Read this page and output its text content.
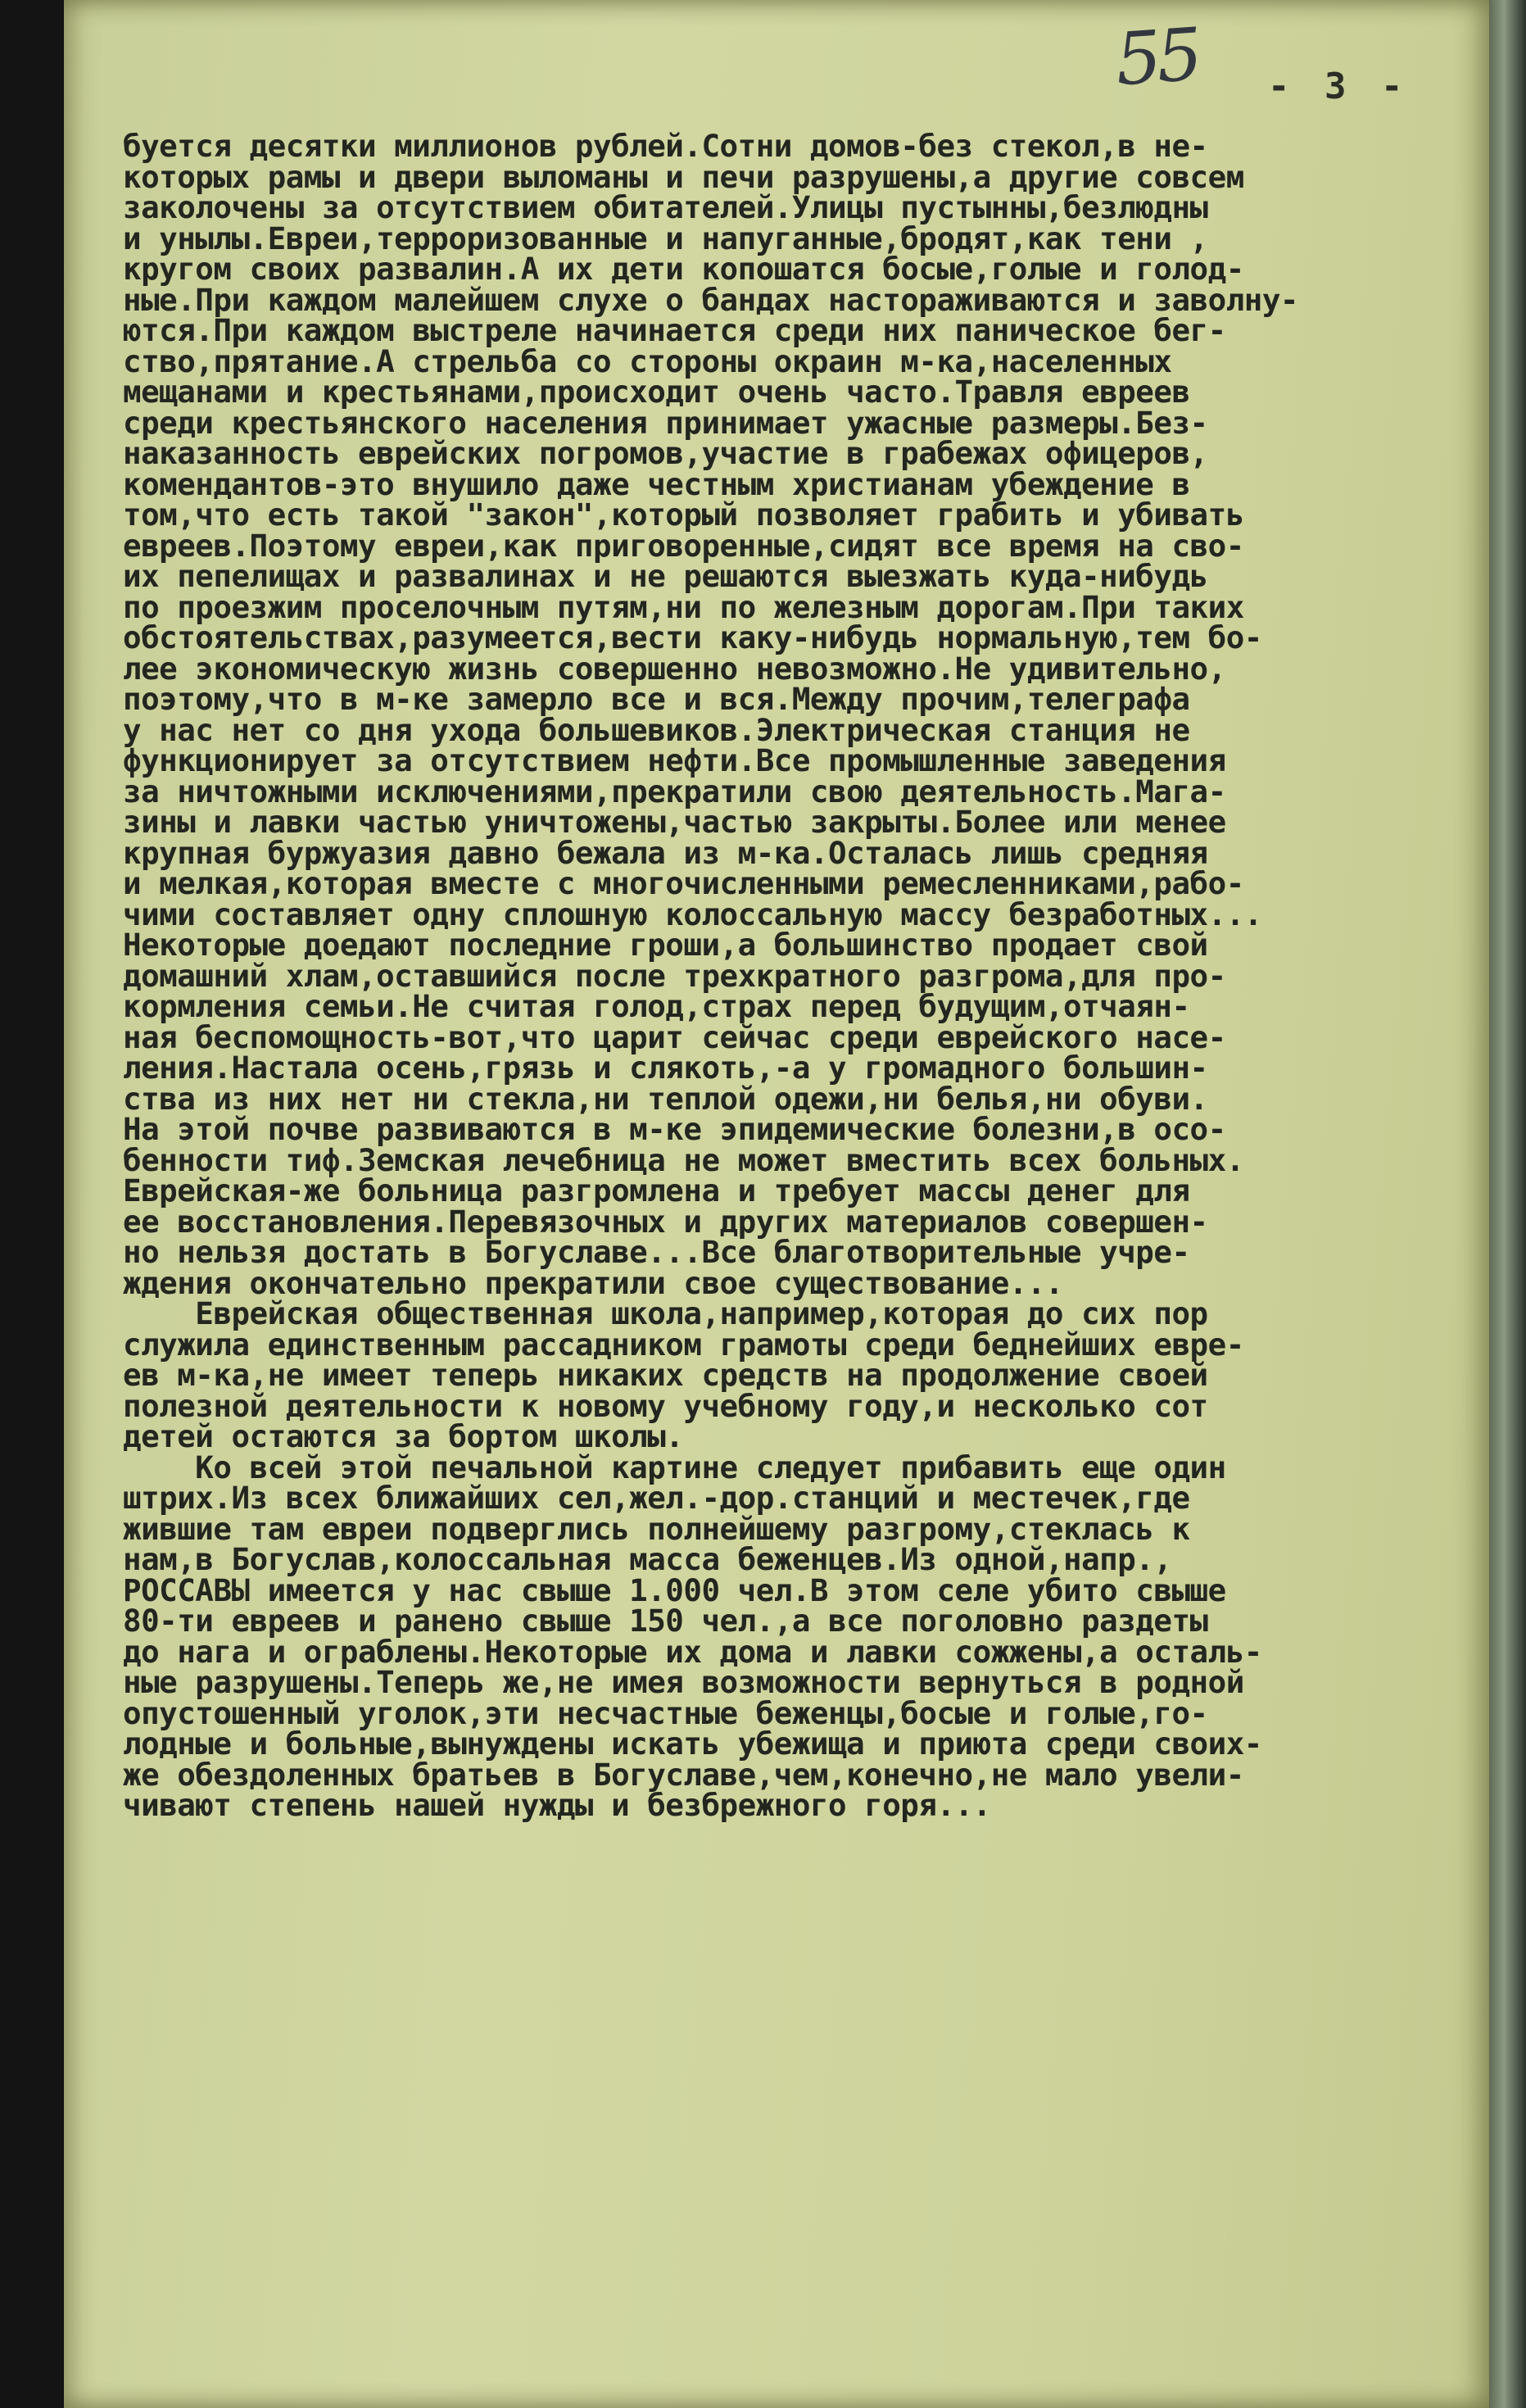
55 - 3 -
буется десятки миллионов рублей.Сотни домов-без стекол,в не-
которых рамы и двери выломаны и печи разрушены,а другие совсем
заколочены за отсутствием обитателей.Улицы пустынны,безлюдны
и унылы.Евреи,терроризованные и напуганные,бродят,как тени ,
кругом своих развалин.А их дети копошатся босые,голые и голод-
ные.При каждом малейшем слухе о бандах настораживаются и заволну-
ются.При каждом выстреле начинается среди них паническое бег-
ство,прятание.А стрельба со стороны окраин м-ка,населенных
мещанами и крестьянами,происходит очень часто.Травля евреев
среди крестьянского населения принимает ужасные размеры.Без-
наказанность еврейских погромов,участие в грабежах офицеров,
комендантов-это внушило даже честным христианам убеждение в
том,что есть такой "закон",который позволяет грабить и убивать
евреев.Поэтому евреи,как приговоренные,сидят все время на сво-
их пепелищах и развалинах и не решаются выезжать куда-нибудь
по проезжим проселочным путям,ни по железным дорогам.При таких
обстоятельствах,разумеется,вести каку-нибудь нормальную,тем бо-
лее экономическую жизнь совершенно невозможно.Не удивительно,
поэтому,что в м-ке замерло все и вся.Между прочим,телеграфа
у нас нет со дня ухода большевиков.Электрическая станция не
функционирует за отсутствием нефти.Все промышленные заведения
за ничтожными исключениями,прекратили свою деятельность.Мага-
зины и лавки частью уничтожены,частью закрыты.Более или менее
крупная буржуазия давно бежала из м-ка.Осталась лишь средняя
и мелкая,которая вместе с многочисленными ремесленниками,рабо-
чими составляет одну сплошную колоссальную массу безработных...
Некоторые доедают последние гроши,а большинство продает свой
домашний хлам,оставшийся после трехкратного разгрома,для про-
кормления семьи.Не считая голод,страх перед будущим,отчаян-
ная беспомощность-вот,что царит сейчас среди еврейского насе-
ления.Настала осень,грязь и слякоть,-а у громадного большин-
ства из них нет ни стекла,ни теплой одежи,ни белья,ни обуви.
На этой почве развиваются в м-ке эпидемические болезни,в осо-
бенности тиф.Земская лечебница не может вместить всех больных.
Еврейская-же больница разгромлена и требует массы денег для
ее восстановления.Перевязочных и других материалов совершен-
но нельзя достать в Богуславе...Все благотворительные учре-
ждения окончательно прекратили свое существование...
Еврейская общественная школа,например,которая до сих пор
служила единственным рассадником грамоты среди беднейших евре-
ев м-ка,не имеет теперь никаких средств на продолжение своей
полезной деятельности к новому учебному году,и несколько сот
детей остаются за бортом школы.
Ко всей этой печальной картине следует прибавить еще один
штрих.Из всех ближайших сел,жел.-дор.станций и местечек,где
жившие там евреи подверглись полнейшему разгрому,стеклась к
нам,в Богуслав,колоссальная масса беженцев.Из одной,напр.,
РОССАВЫ имеется у нас свыше 1.000 чел.В этом селе убито свыше
80-ти евреев и ранено свыше 150 чел.,а все поголовно раздеты
до нага и ограблены.Некоторые их дома и лавки сожжены,а осталь-
ные разрушены.Теперь же,не имея возможности вернуться в родной
опустошенный уголок,эти несчастные беженцы,босые и голые,го-
лодные и больные,вынуждены искать убежища и приюта среди своих-
же обездоленных братьев в Богуславе,чем,конечно,не мало увели-
чивают степень нашей нужды и безбрежного горя...
